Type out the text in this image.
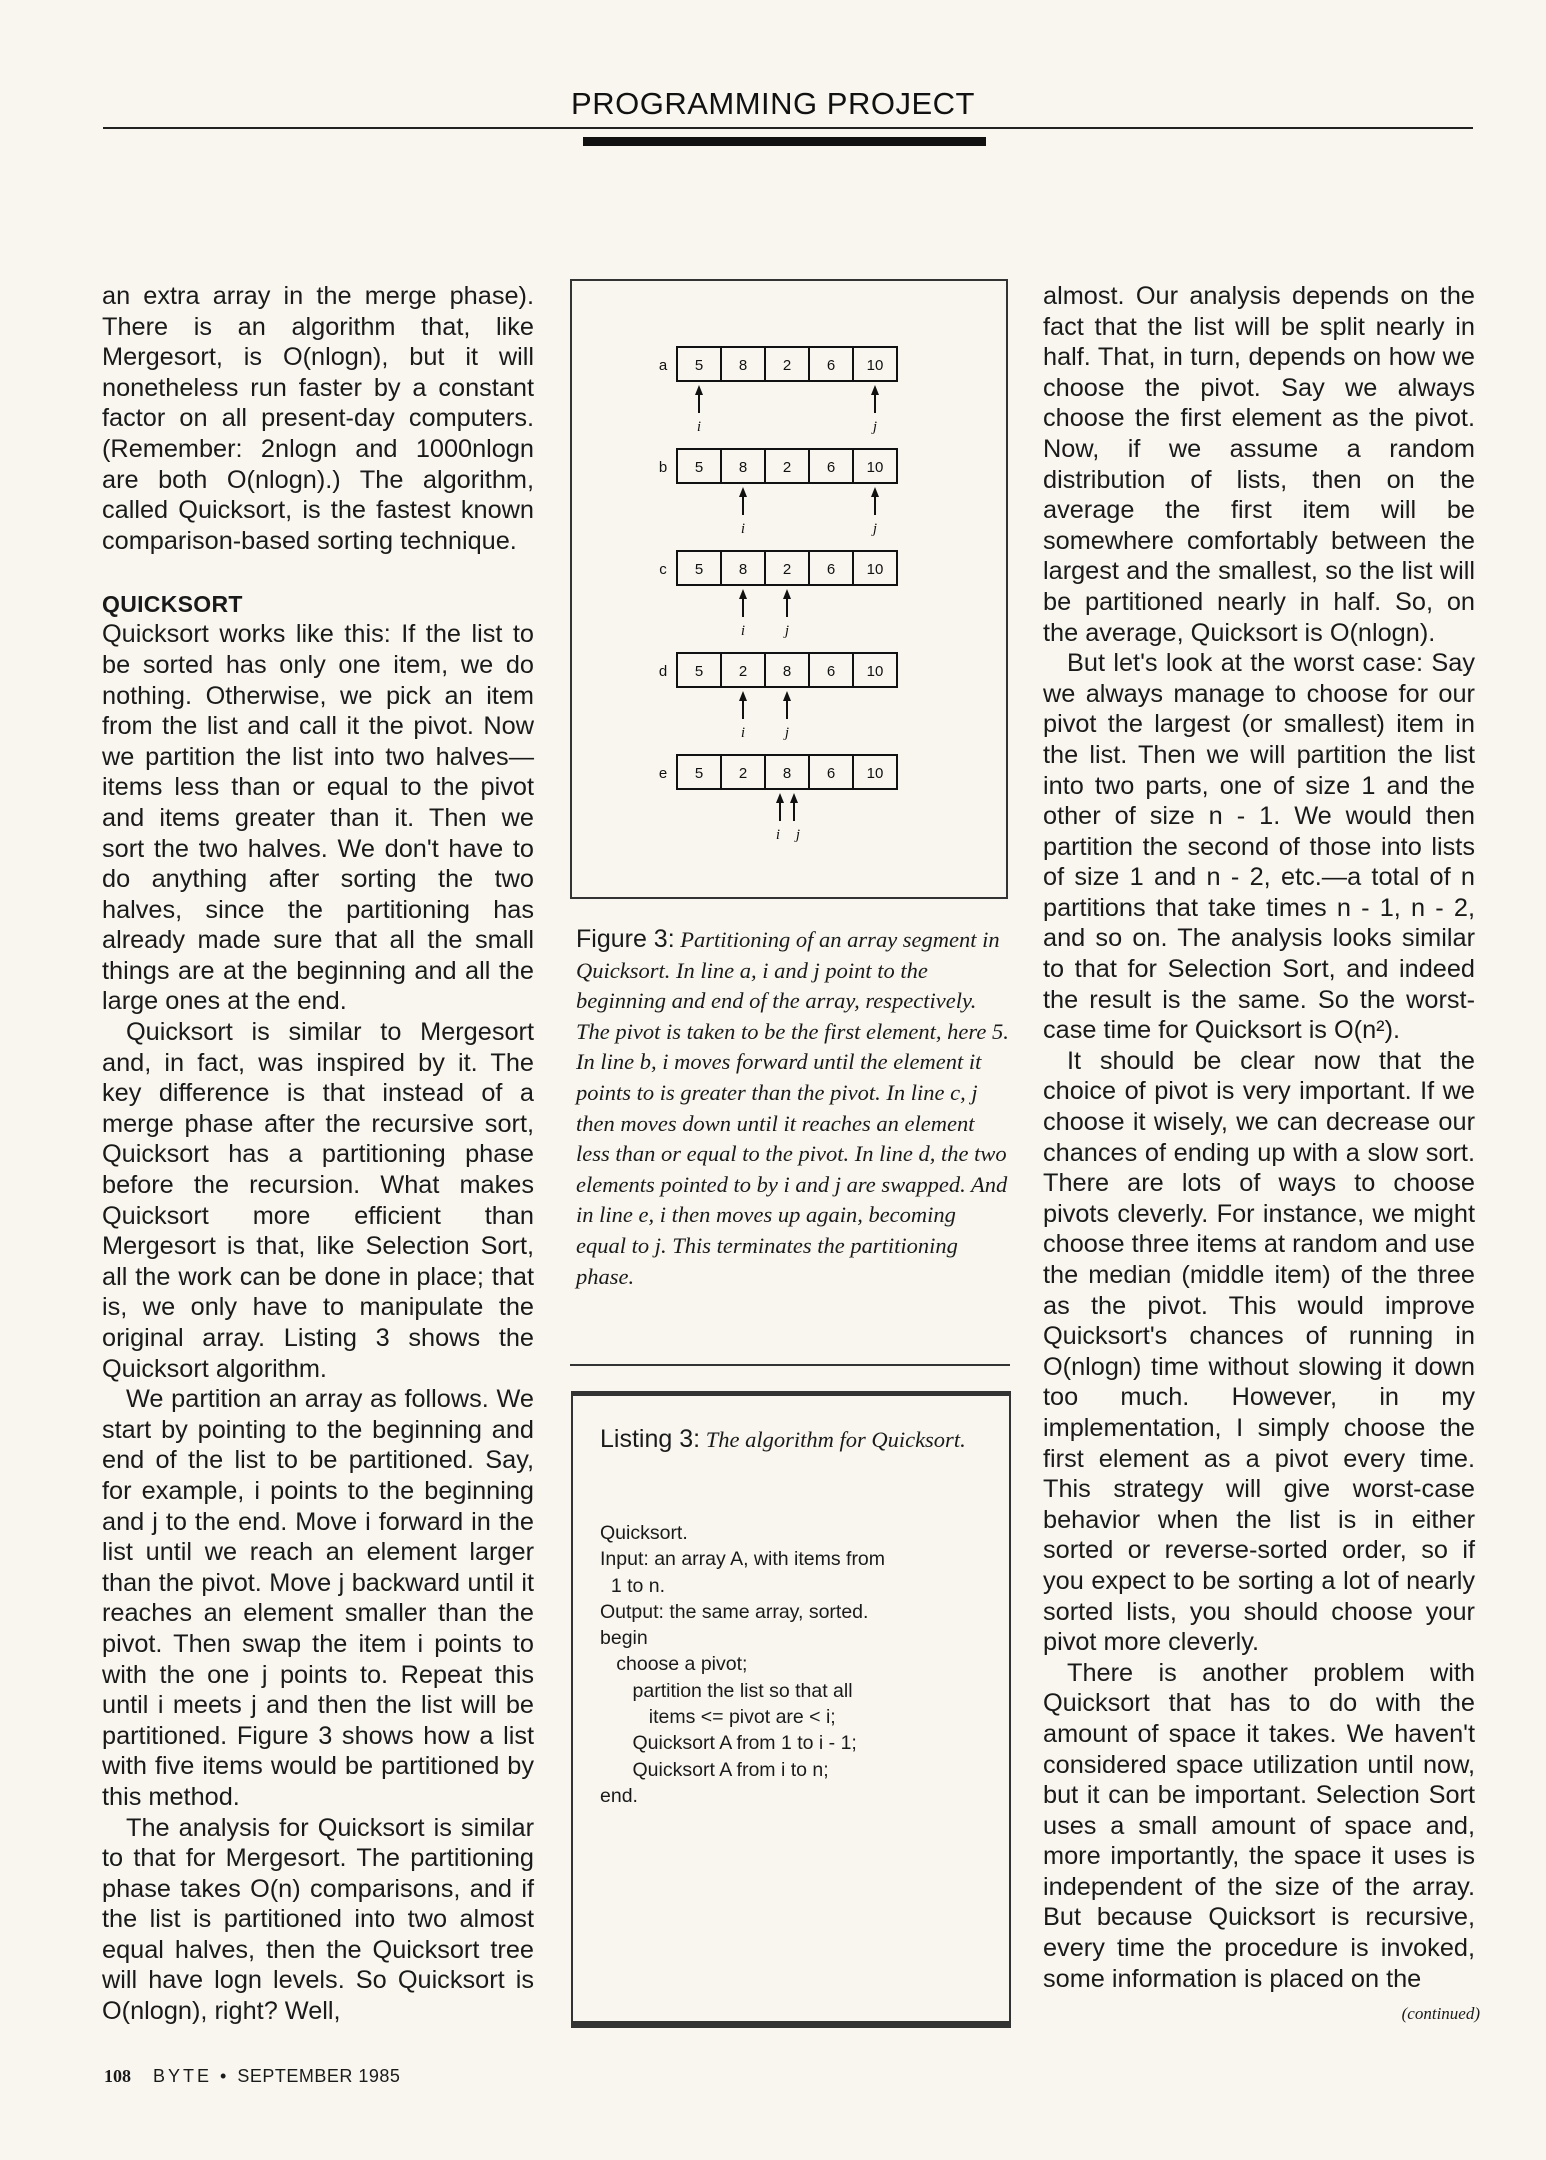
PROGRAMMING PROJECT

an extra array in the merge phase). There is an algorithm that, like Mergesort, is O(nlogn), but it will nonetheless run faster by a constant factor on all present-day computers. (Remember: 2nlogn and 1000nlogn are both O(nlogn).) The algorithm, called Quicksort, is the fastest known comparison-based sorting technique.

QUICKSORT

Quicksort works like this: If the list to be sorted has only one item, we do nothing. Otherwise, we pick an item from the list and call it the pivot. Now we partition the list into two halves—items less than or equal to the pivot and items greater than it. Then we sort the two halves. We don't have to do anything after sorting the two halves, since the partitioning has already made sure that all the small things are at the beginning and all the large ones at the end.

Quicksort is similar to Mergesort and, in fact, was inspired by it. The key difference is that instead of a merge phase after the recursive sort, Quicksort has a partitioning phase before the recursion. What makes Quicksort more efficient than Mergesort is that, like Selection Sort, all the work can be done in place; that is, we only have to manipulate the original array. Listing 3 shows the Quicksort algorithm.

We partition an array as follows. We start by pointing to the beginning and end of the list to be partitioned. Say, for example, i points to the beginning and j to the end. Move i forward in the list until we reach an element larger than the pivot. Move j backward until it reaches an element smaller than the pivot. Then swap the item i points to with the one j points to. Repeat this until i meets j and then the list will be partitioned. Figure 3 shows how a list with five items would be partitioned by this method.

The analysis for Quicksort is similar to that for Mergesort. The partitioning phase takes O(n) comparisons, and if the list is partitioned into two almost equal halves, then the Quicksort tree will have logn levels. So Quicksort is O(nlogn), right? Well,

a 5 8 2 6 10
i	j
b 5 8 2 6 10
i	j
c 5 8 2 6 10
i	j
d 5 2 8 6 10
i	j
e 5 2 8 6 10
i j
Figure 3: Partitioning of an array segment in Quicksort. In line a, i and j point to the beginning and end of the array, respectively. The pivot is taken to be the first element, here 5. In line b, i moves forward until the element it points to is greater than the pivot. In line c, j then moves down until it reaches an element less than or equal to the pivot. In line d, the two elements pointed to by i and j are swapped. And in line e, i then moves up again, becoming equal to j. This terminates the partitioning phase.
Listing 3: The algorithm for Quicksort.
Quicksort.
Input: an array A, with items from
1 to n.
Output: the same array, sorted.
begin
choose a pivot;
partition the list so that all
items <= pivot are < i;
Quicksort A from 1 to i - 1;
Quicksort A from i to n;
end.

almost. Our analysis depends on the fact that the list will be split nearly in half. That, in turn, depends on how we choose the pivot. Say we always choose the first element as the pivot. Now, if we assume a random distribution of lists, then on the average the first item will be somewhere comfortably between the largest and the smallest, so the list will be partitioned nearly in half. So, on the average, Quicksort is O(nlogn).

But let's look at the worst case: Say we always manage to choose for our pivot the largest (or smallest) item in the list. Then we will partition the list into two parts, one of size 1 and the other of size n - 1. We would then partition the second of those into lists of size 1 and n - 2, etc.—a total of n partitions that take times n - 1, n - 2, and so on. The analysis looks similar to that for Selection Sort, and indeed the result is the same. So the worst-case time for Quicksort is O(n²).

It should be clear now that the choice of pivot is very important. If we choose it wisely, we can decrease our chances of ending up with a slow sort. There are lots of ways to choose pivots cleverly. For instance, we might choose three items at random and use the median (middle item) of the three as the pivot. This would improve Quicksort's chances of running in O(nlogn) time without slowing it down too much. However, in my implementation, I simply choose the first element as a pivot every time. This strategy will give worst-case behavior when the list is in either sorted or reverse-sorted order, so if you expect to be sorting a lot of nearly sorted lists, you should choose your pivot more cleverly.

There is another problem with Quicksort that has to do with the amount of space it takes. We haven't considered space utilization until now, but it can be important. Selection Sort uses a small amount of space and, more importantly, the space it uses is independent of the size of the array. But because Quicksort is recursive, every time the procedure is invoked, some information is placed on the

(continued)
108 BYTE • SEPTEMBER 1985
